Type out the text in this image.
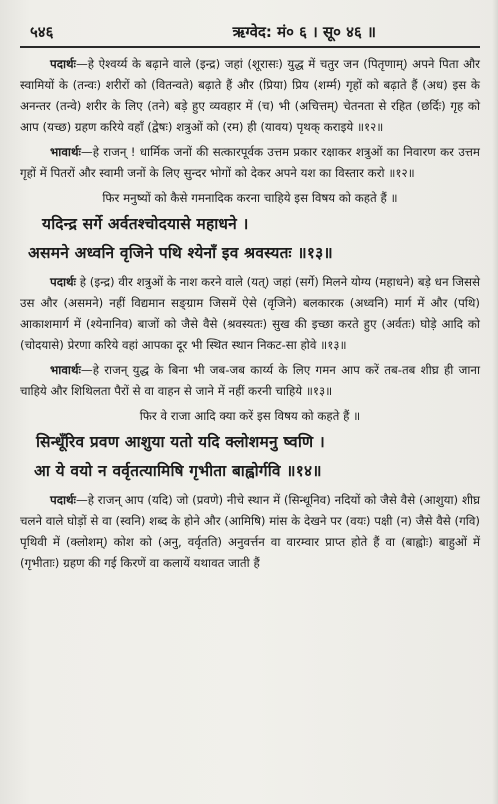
५४६	ऋग्वेद: मं० ६ । सू० ४६ ॥

पदार्थः—हे ऐश्वर्य्य के बढ़ाने वाले (इन्द्र) जहां (शूरासः) युद्ध में चतुर जन (पितृणाम्) अपने पिता और स्वामियों के (तन्वः) शरीरों को (वितन्वते) बढ़ाते हैं और (प्रिया) प्रिय (शर्म्म) गृहों को बढ़ाते हैं (अध) इस के अनन्तर (तन्वे) शरीर के लिए (तने) बड़े हुए व्यवहार में (च) भी (अचित्तम्) चेतनता से रहित (छर्दिः) गृह को आप (यच्छ) ग्रहण करिये वहाँ (द्वेषः) शत्रुओं को (रम) ही (यावय) पृथक् कराइये ॥१२॥

भावार्थः—हे राजन् ! धार्मिक जनों की सत्कारपूर्वक उत्तम प्रकार रक्षाकर शत्रुओं का निवारण कर उत्तम गृहों में पितरों और स्वामी जनों के लिए सुन्दर भोगों को देकर अपने यश का विस्तार करो ॥१२॥

फिर मनुष्यों को कैसे गमनादिक करना चाहिये इस विषय को कहते हैं ॥

यदिन्द्र सर्गे अर्वतश्चोदयासे महाधने ।

असमने अध्वनि वृजिने पथि श्येनाँ इव श्रवस्यतः ॥१३॥

पदार्थः हे (इन्द्र) वीर शत्रुओं के नाश करने वाले (यत्) जहां (सर्गे) मिलने योग्य (महाधने) बड़े धन जिससे उस और (असमने) नहीं विद्यमान सङ्ग्राम जिसमें ऐसे (वृजिने) बलकारक (अध्वनि) मार्ग में और (पथि) आकाशमार्ग में (श्येनानिव) बाजों को जैसे वैसे (श्रवस्यतः) सुख की इच्छा करते हुए (अर्वतः) घोड़े आदि को (चोदयासे) प्रेरणा करिये वहां आपका दूर भी स्थित स्थान निकट-सा होवे ॥१३॥

भावार्थः—हे राजन् युद्ध के बिना भी जब-जब कार्य्य के लिए गमन आप करें तब-तब शीघ्र ही जाना चाहिये और शिथिलता पैरों से वा वाहन से जाने में नहीं करनी चाहिये ॥१३॥

फिर वे राजा आदि क्या करें इस विषय को कहते हैं ॥

सिन्धूँरिव प्रवण आशुया यतो यदि क्लोशमनु ष्वणि ।

आ ये वयो न वर्वृतत्यामिषि गृभीता बाह्वोर्गवि ॥१४॥

पदार्थः—हे राजन् आप (यदि) जो (प्रवणे) नीचे स्थान में (सिन्धूनिव) नदियों को जैसे वैसे (आशुया) शीघ्र चलने वाले घोड़ों से वा (स्वनि) शब्द के होने और (आमिषि) मांस के देखने पर (वयः) पक्षी (न) जैसे वैसे (गवि) पृथिवी में (क्लोशम्) कोश को (अनु, वर्वृतति) अनुवर्त्तन वा वारम्वार प्राप्त होते हैं वा (बाह्वोः) बाहुओं में (गृभीताः) ग्रहण की गई किरणें वा कलायें यथावत जाती हैं
